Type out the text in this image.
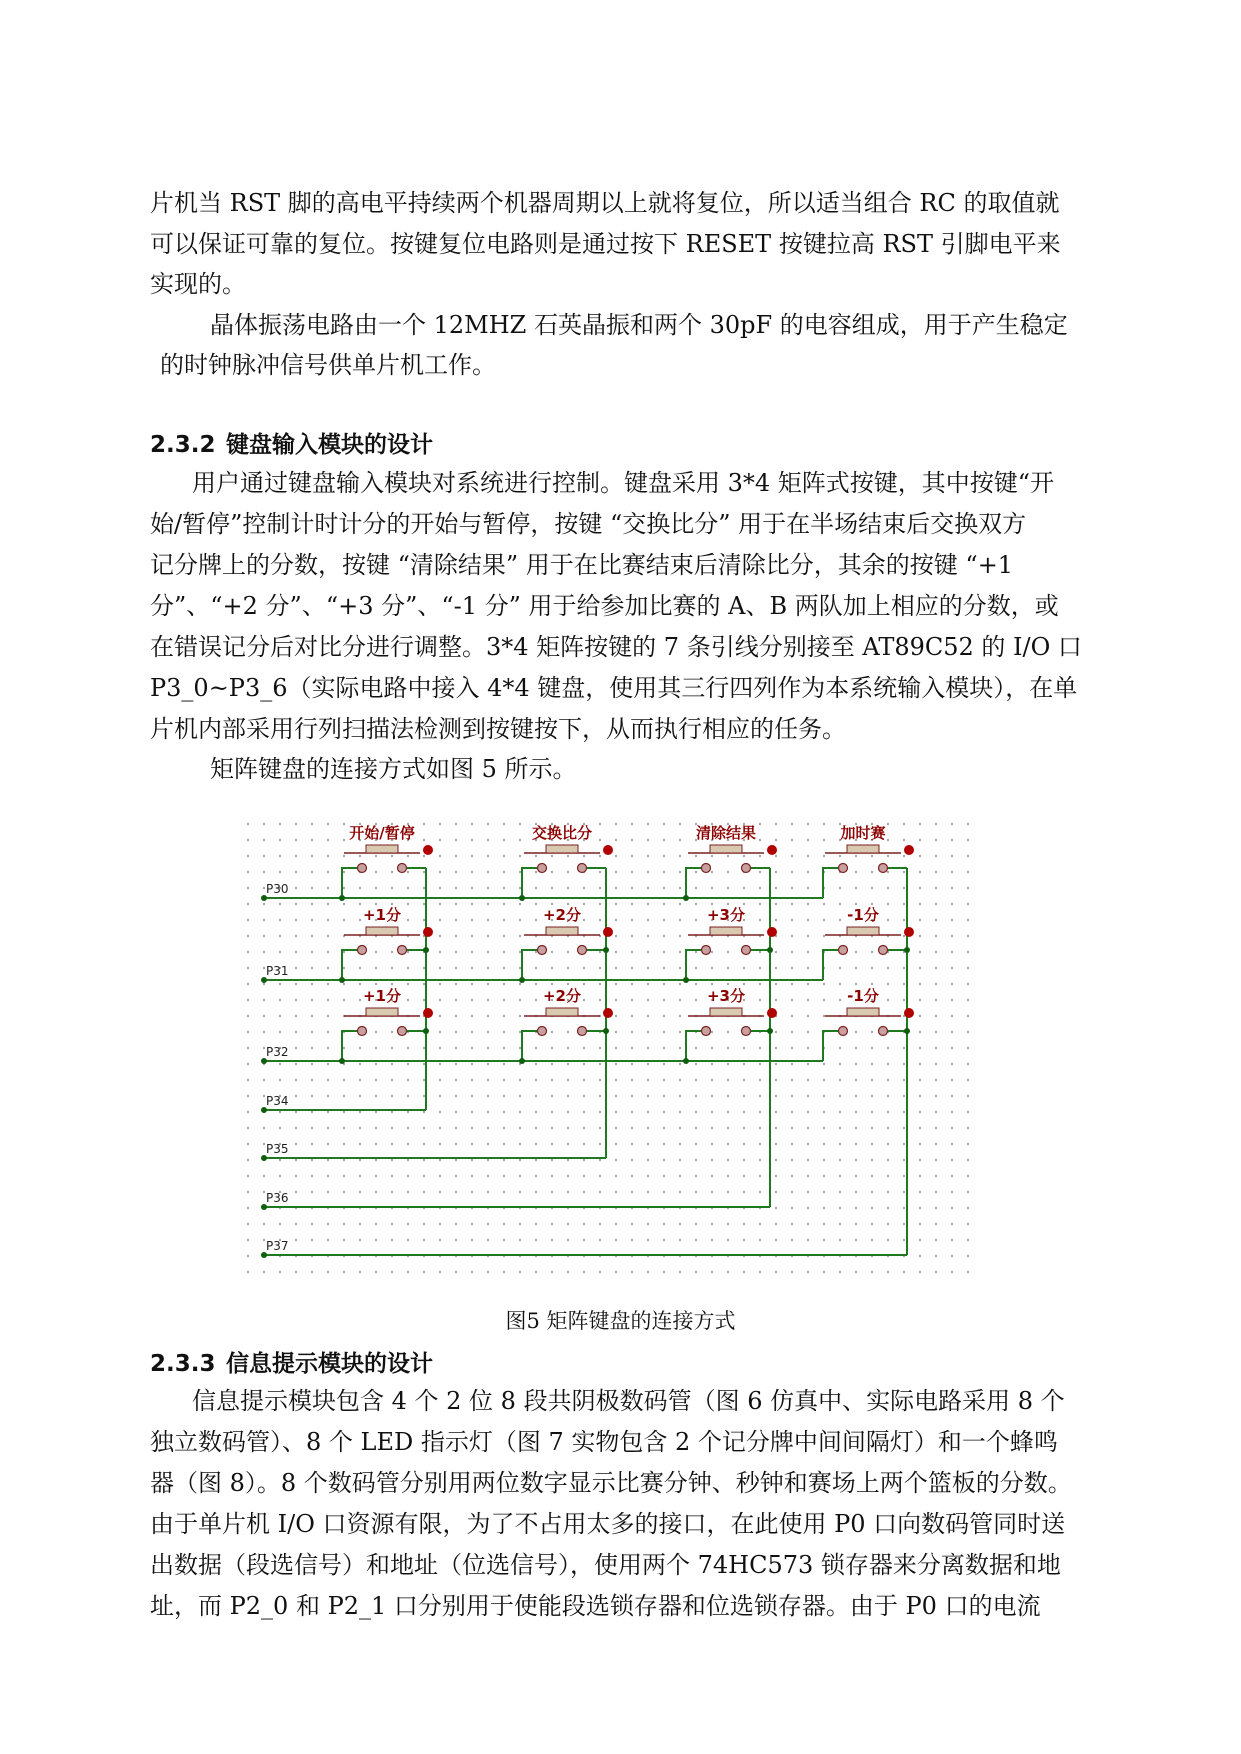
片机当 RST 脚的高电平持续两个机器周期以上就将复位，所以适当组合 RC 的取值就
可以保证可靠的复位。按键复位电路则是通过按下 RESET 按键拉高 RST 引脚电平来
实现的。
晶体振荡电路由一个 12MHZ 石英晶振和两个 30pF 的电容组成，用于产生稳定
的时钟脉冲信号供单片机工作。
2.3.2 键盘输入模块的设计
用户通过键盘输入模块对系统进行控制。键盘采用 3*4 矩阵式按键，其中按键“开
始/暂停”控制计时计分的开始与暂停，按键 “交换比分” 用于在半场结束后交换双方
记分牌上的分数，按键 “清除结果” 用于在比赛结束后清除比分，其余的按键 “+1
分”、“+2 分”、“+3 分”、“-1 分” 用于给参加比赛的 A、B 两队加上相应的分数，或
在错误记分后对比分进行调整。3*4 矩阵按键的 7 条引线分别接至 AT89C52 的 I/O 口
P3_0~P3_6（实际电路中接入 4*4 键盘，使用其三行四列作为本系统输入模块），在单
片机内部采用行列扫描法检测到按键按下，从而执行相应的任务。
矩阵键盘的连接方式如图 5 所示。
开始/暂停	交换比分	清除结果	加时赛
+1分	+2分	+3分	-1分
+1分	+2分	+3分	-1分
P34
P35
P36
P37
P30
P31
P32
图5 矩阵键盘的连接方式
2.3.3 信息提示模块的设计
信息提示模块包含 4 个 2 位 8 段共阴极数码管（图 6 仿真中、实际电路采用 8 个
独立数码管）、8 个 LED 指示灯（图 7 实物包含 2 个记分牌中间间隔灯）和一个蜂鸣
器（图 8）。8 个数码管分别用两位数字显示比赛分钟、秒钟和赛场上两个篮板的分数。
由于单片机 I/O 口资源有限，为了不占用太多的接口，在此使用 P0 口向数码管同时送
出数据（段选信号）和地址（位选信号），使用两个 74HC573 锁存器来分离数据和地
址，而 P2_0 和 P2_1 口分别用于使能段选锁存器和位选锁存器。由于 P0 口的电流
